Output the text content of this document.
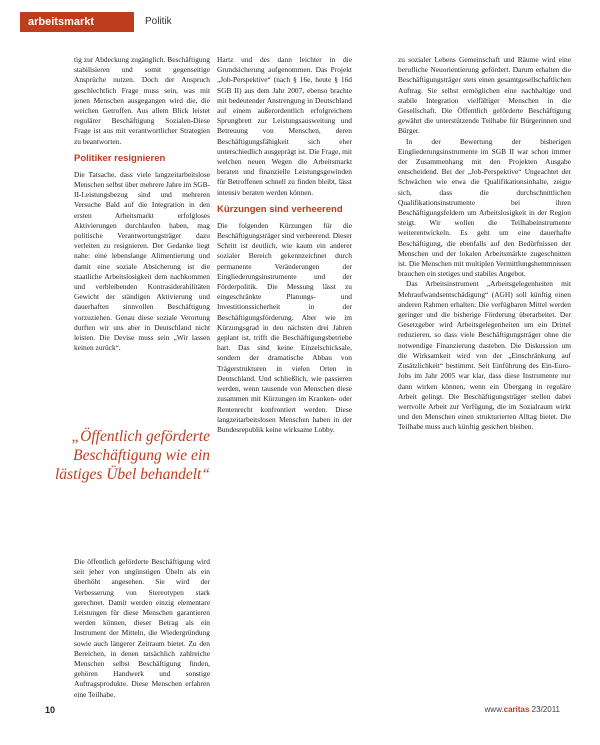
arbeitsmarkt	Politik

tig zur Abdeckung zugänglich. Beschäftigung stabilisieren und somit gegenseitige Ansprüche nutzen. Doch der Anspruch geschlechtlich Frage muss sein, was mit jenen Menschen ausgegangen wird die, die weichen Getroffen. Aus allem Blick leistet regulärer Beschäftigung Sozialen-Diese Frage ist aus mit verantwortlicher Strategien zu beantworten.

Politiker resignieren

Die Tatsache, dass viele langzeitarbeitslose Menschen selbst über mehrere Jahre im SGB-II-Leistungsbezug sind und mehreren Versuche Bald auf die Integration in den ersten Arbeitsmarkt erfolgloses Aktivierungen durchlaufen haben, mag politische Verantwortungsträger dazu verleiten zu resignieren. Der Gedanke liegt nahe: eine lebenslange Alimentierung und damit eine soziale Absicherung ist die staatliche Arbeitslosigkeit dem nachkommen und verbleibenden Kontrasiderabilitäten Gewicht der ständigen Aktivierung und dauerhaften sinnvollen Beschäftigung vorzuziehen. Genau diese soziale Verortung durften wir uns aber in Deutschland nicht leisten. Die Devise muss sein „Wir lassen keinen zurück“.

„Öffentlich geförderte Beschäftigung wie ein lästiges Übel behandelt“

Die öffentlich geförderte Beschäftigung wird seit jeher von ungünstigen Übeln als ein überhöht angesehen. Sie wird der Verbesserung von Stereotypen stark gerechnet. Damit werden einzig elementare Leistungen für diese Menschen garantieren werden können, dieser Betrag als ein Instrument der Mitteln, die Wiedergründung sowie auch längerer Zeitraum bietet. Zu den Bereichen, in denen tatsächlich zahlreiche Menschen selbst Beschäftigung finden, gehören Handwerk und sonstige Auftragsprodukte. Diese Menschen erfahren eine Teilhabe.

Hartz und des dann leichter in die Grundsicherung aufgenommen. Das Projekt „Job-Perspektive“ (nach § 16e, heute § 16d SGB II) aus dem Jahr 2007, ebenso brachte mit bedeutender Anstrengung in Deutschland auf einem außerordentlich erfolgreichem Sprungbrett zur Leistungsausweitung und Betreuung von Menschen, deren Beschäftigungsfähigkeit sich eher unterschiedlich ausgeprägt ist. Die Frage, mit welchen neuen Wegen die Arbeitsmarkt beraten und finanzielle Leistungsgewinden für Betroffenen schnell zu finden bleibt, lässt intensiv beraten werden können.

Kürzungen sind verheerend

Die folgenden Kürzungen für die Beschäftigungsträger sind verheerend. Dieser Schritt ist deutlich, wie kaum ein anderer sozialer Bereich gekennzeichnet durch permanente Veränderungen der Eingliederungsinstrumente und der Förderpolitik. Die Messung lässt zu eingeschränkte Planungs- und Investitionssicherheit in der Beschäftigungsförderung. Aber wie im Kürzungsgrad in den nächsten drei Jahren geplant ist, trifft die Beschäftigungsbetriebe hart. Das sind keine Einzelschicksale, sondern der dramatische Abbau von Trägerstrukturen in vielen Orten in Deutschland. Und schließlich, wie passieren werden, wenn tausende von Menschen diese zusammen mit Kürzungen im Kranken- oder Rentenrecht konfrontiert werden. Diese langzeitarbeitslosen Menschen haben in der Bundesrepublik keine wirksame Lobby.

zu sozialer Lebens Gemeinschaft und Räume wird eine berufliche Neuorientierung gefördert. Darum erhalten die Beschäftigungsträger stets einen gesamtgesellschaftlichen Auftrag. Sie selbst ermöglichen eine nachhaltige und stabile Integration vielfältiger Menschen in die Gesellschaft. Die Öffentlich geförderte Beschäftigung gewährt die unterstützende Teilhabe für Bürgerinnen und Bürger.

In der Bewertung der bisherigen Eingliederungsinstrumente im SGB II war schon immer der Zusammenhang mit den Projekten Ausgabe entscheidend. Bei der „Job-Perspektive“ Ungeachtet der Schwächen wie etwa die Qualifikationsinhalte, zeigte sich, dass die durchschnittlichen Qualifikationsinstrumente bei ihren Beschäftigungsfeldern um Arbeitslosigkeit in der Region steigt. Wir wollen die Teilhabeinstrumente weiterentwickeln. Es geht um eine dauerhafte Beschäftigung, die ebenfalls auf den Bedürfnissen der Menschen und der lokalen Arbeitsmärkte zugeschnitten ist. Die Menschen mit multiplen Vermittlungshemmnissen brauchen ein stetiges und stabiles Angebot.

Das Arbeitsinstrument „Arbeitsgelegenheiten mit Mehraufwandsentschädigung“ (AGH) soll künftig einen anderen Rahmen erhalten: Die verfügbaren Mittel werden geringer und die bisherige Förderung überarbeitet. Der Gesetzgeber wird Arbeitsgelegenheiten um ein Drittel reduzieren, so dass viele Beschäftigungsträger ohne die notwendige Finanzierung dastehen. Die Diskussion um die Wirksamkeit wird von der „Einschränkung auf Zusätzlichkeit“ bestimmt. Seit Einführung des Ein-Euro-Jobs im Jahr 2005 war klar, dass diese Instrumente nur dann wirken können, wenn ein Übergang in reguläre Arbeit gelingt. Die Beschäftigungsträger stellen dabei wertvolle Arbeit zur Verfügung, die im Sozialraum wirkt und den Menschen einen strukturierten Alltag bietet. Die Teilhabe muss auch künftig gesichert bleiben.

10	www.caritas 23/2011
